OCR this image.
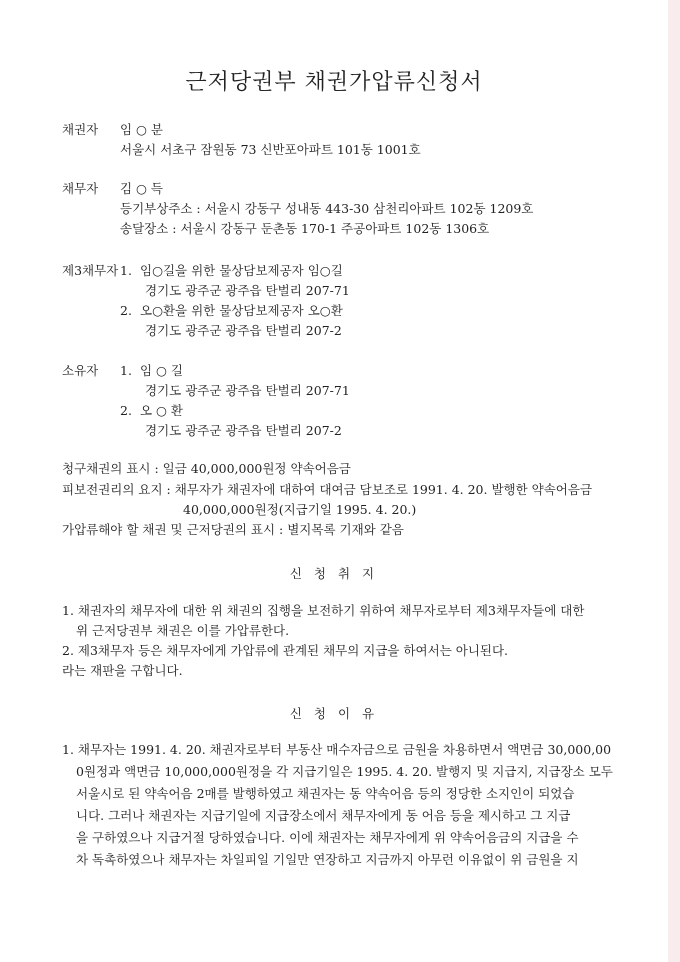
근저당권부 채권가압류신청서
채권자 임 ○ 분
서울시 서초구 잠원동 73 신반포아파트 101동 1001호
채무자 김 ○ 득
등기부상주소 : 서울시 강동구 성내동 443-30 삼천리아파트 102동 1209호
송달장소 : 서울시 강동구 둔촌동 170-1 주공아파트 102동 1306호
제3채무자 1. 임○길을 위한 물상담보제공자 임○길
경기도 광주군 광주읍 탄벌리 207-71
2. 오○환을 위한 물상담보제공자 오○환
경기도 광주군 광주읍 탄벌리 207-2
소유자 1. 임 ○ 길
경기도 광주군 광주읍 탄벌리 207-71
2. 오 ○ 환
경기도 광주군 광주읍 탄벌리 207-2
청구채권의 표시 : 일금 40,000,000원정 약속어음금
피보전권리의 요지 : 채무자가 채권자에 대하여 대여금 담보조로 1991. 4. 20. 발행한 약속어음금
40,000,000원정(지급기일 1995. 4. 20.)
가압류해야 할 채권 및 근저당권의 표시 : 별지목록 기재와 같음
신 청 취 지
1. 채권자의 채무자에 대한 위 채권의 집행을 보전하기 위하여 채무자로부터 제3채무자들에 대한
위 근저당권부 채권은 이를 가압류한다.
2. 제3채무자 등은 채무자에게 가압류에 관계된 채무의 지급을 하여서는 아니된다.
라는 재판을 구합니다.
신 청 이 유
1. 채무자는 1991. 4. 20. 채권자로부터 부동산 매수자금으로 금원을 차용하면서 액면금 30,000,00
0원정과 액면금 10,000,000원정을 각 지급기일은 1995. 4. 20. 발행지 및 지급지, 지급장소 모두
서울시로 된 약속어음 2매를 발행하였고 채권자는 동 약속어음 등의 정당한 소지인이 되었습
니다. 그러나 채권자는 지급기일에 지급장소에서 채무자에게 동 어음 등을 제시하고 그 지급
을 구하였으나 지급거절 당하였습니다. 이에 채권자는 채무자에게 위 약속어음금의 지급을 수
차 독촉하였으나 채무자는 차일피일 기일만 연장하고 지금까지 아무런 이유없이 위 금원을 지
